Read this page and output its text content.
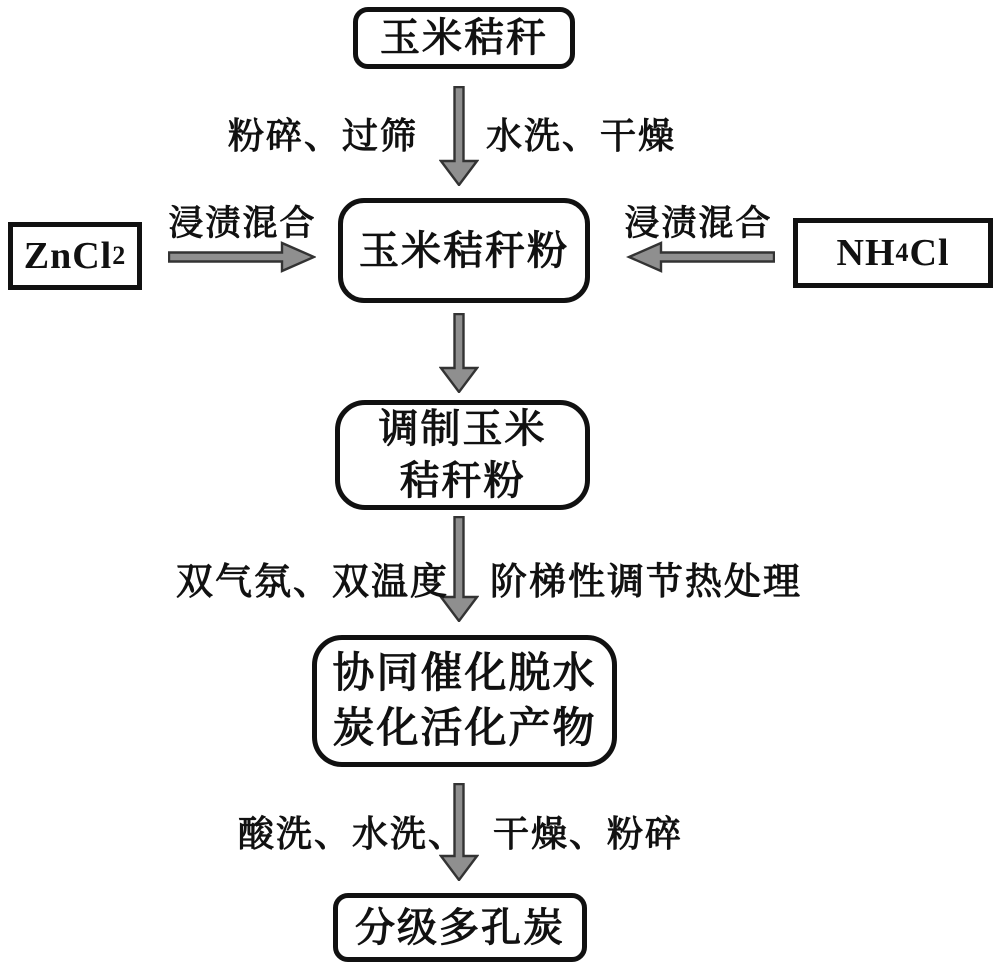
玉米秸秆
粉碎、过筛 水洗、干燥
ZnCl 2
浸渍混合
玉米秸秆粉
浸渍混合
NH 4 Cl
调制玉米
秸秆粉
双气氛、双温度 阶梯性调节热处理
协同催化脱水
炭化活化产物
酸洗、水洗、 干燥、粉碎
分级多孔炭
